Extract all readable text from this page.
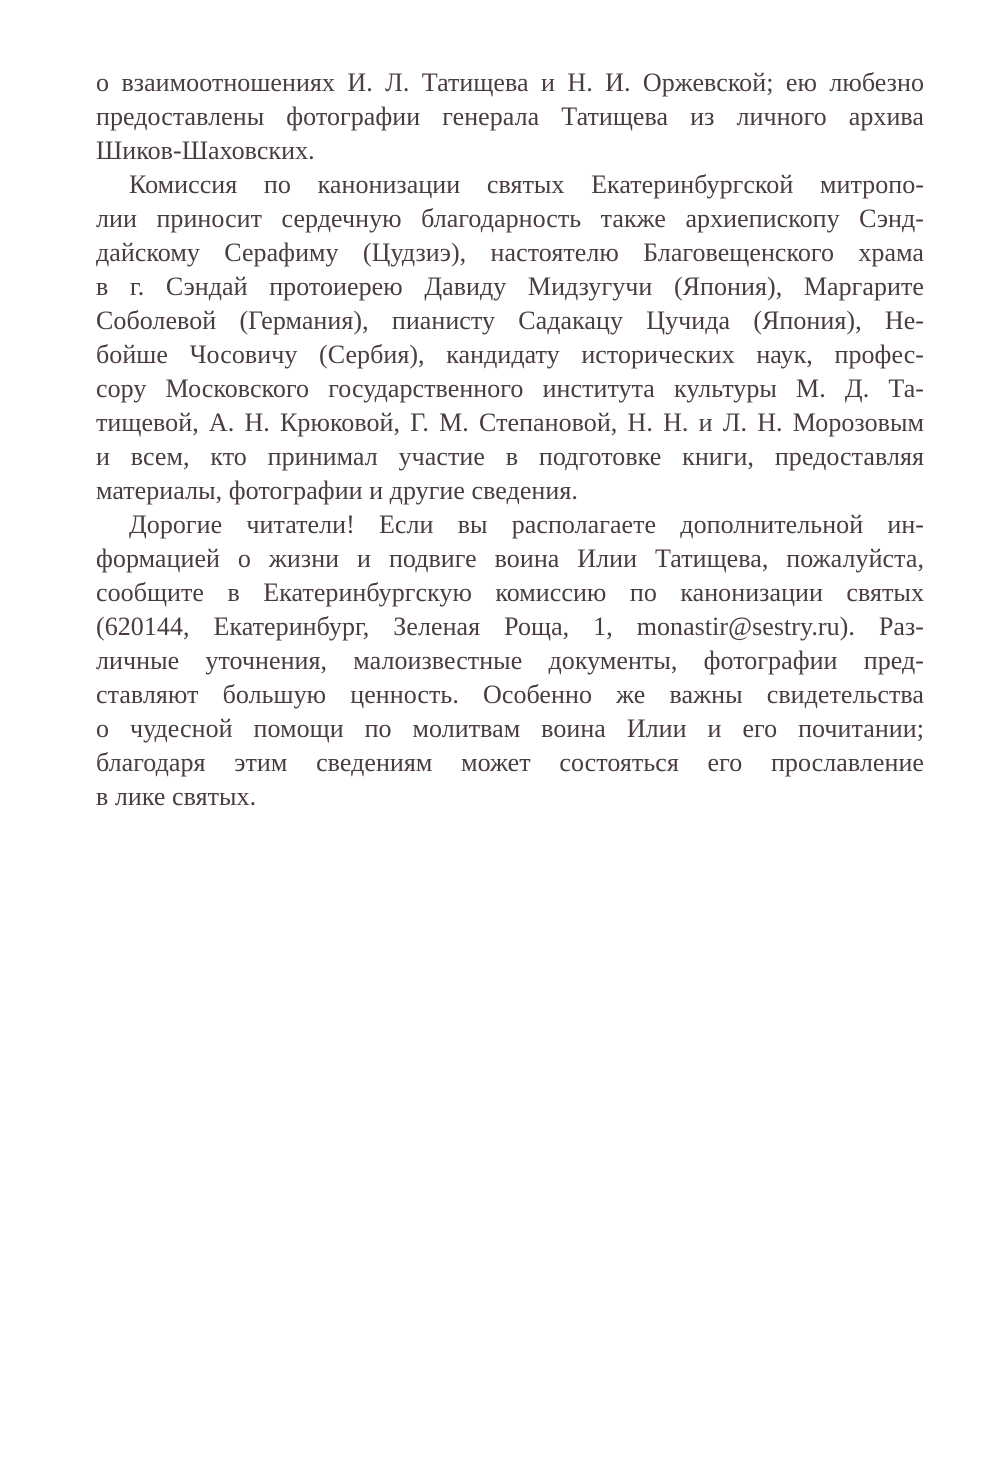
о взаимоотношениях И. Л. Татищева и Н. И. Оржевской; ею любезно
предоставлены фотографии генерала Татищева из личного архива
Шиков-Шаховских.
Комиссия по канонизации святых Екатеринбургской митропо-
лии приносит сердечную благодарность также архиепископу Сэнд-
дайскому Серафиму (Цудзиэ), настоятелю Благовещенского храма
в г. Сэндай протоиерею Давиду Мидзугучи (Япония), Маргарите
Соболевой (Германия), пианисту Садакацу Цучида (Япония), Не-
бойше Чосовичу (Сербия), кандидату исторических наук, профес-
сору Московского государственного института культуры М. Д. Та-
тищевой, А. Н. Крюковой, Г. М. Степановой, Н. Н. и Л. Н. Морозовым
и всем, кто принимал участие в подготовке книги, предоставляя
материалы, фотографии и другие сведения.
Дорогие читатели! Если вы располагаете дополнительной ин-
формацией о жизни и подвиге воина Илии Татищева, пожалуйста,
сообщите в Екатеринбургскую комиссию по канонизации святых
(620144, Екатеринбург, Зеленая Роща, 1, monastir@sestry.ru). Раз-
личные уточнения, малоизвестные документы, фотографии пред-
ставляют большую ценность. Особенно же важны свидетельства
о чудесной помощи по молитвам воина Илии и его почитании;
благодаря этим сведениям может состояться его прославление
в лике святых.
